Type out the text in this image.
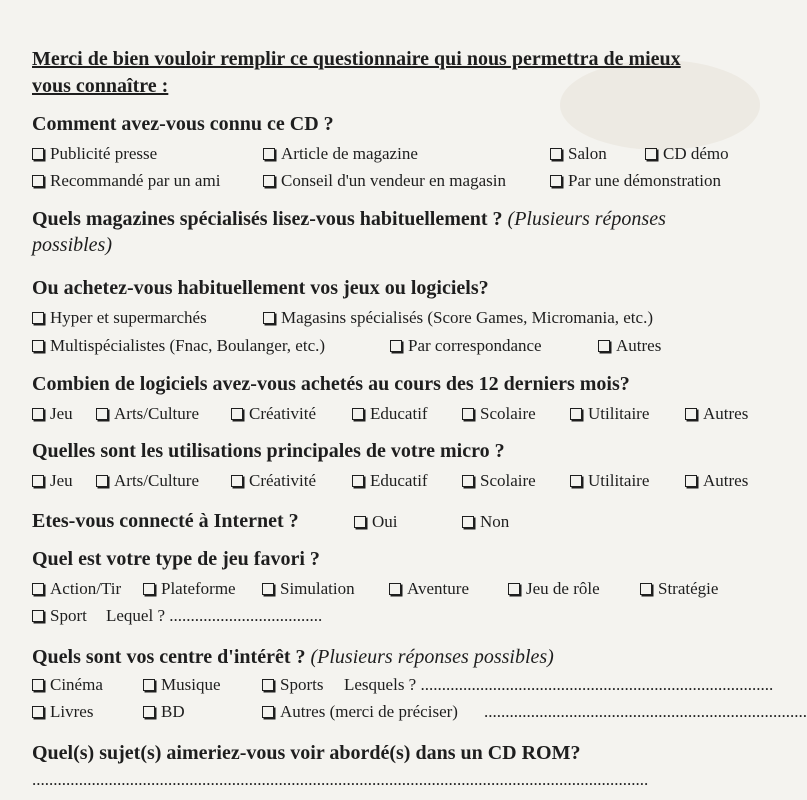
Merci de bien vouloir remplir ce questionnaire qui nous permettra de mieux
vous connaître :
Comment avez-vous connu ce CD ?
Publicité presse	Article de magazine	Salon	CD démo
Recommandé par un ami	Conseil d'un vendeur en magasin	Par une démonstration
Quels magazines spécialisés lisez-vous habituellement ? (Plusieurs réponses
possibles)
Ou achetez-vous habituellement vos jeux ou logiciels?
Hyper et supermarchés	Magasins spécialisés (Score Games, Micromania, etc.)
Multispécialistes (Fnac, Boulanger, etc.)	Par correspondance	Autres
Combien de logiciels avez-vous achetés au cours des 12 derniers mois?
Jeu Arts/Culture	Créativité	Educatif	Scolaire	Utilitaire	Autres
Quelles sont les utilisations principales de votre micro ?
Jeu Arts/Culture	Créativité	Educatif	Scolaire	Utilitaire	Autres
Etes-vous connecté à Internet ?	Oui	Non
Quel est votre type de jeu favori ?
Action/Tir Plateforme	Simulation	Aventure	Jeu de rôle	Stratégie
Sport Lequel ?
....................................
Quels sont vos centre d'intérêt ? (Plusieurs réponses possibles)
Cinéma	Musique	Sports Lesquels ?
...................................................................................
Livres	BD	Autres (merci de préciser) ............................................................................
Quel(s) sujet(s) aimeriez-vous voir abordé(s) dans un CD ROM?
.................................................................................................................................................
